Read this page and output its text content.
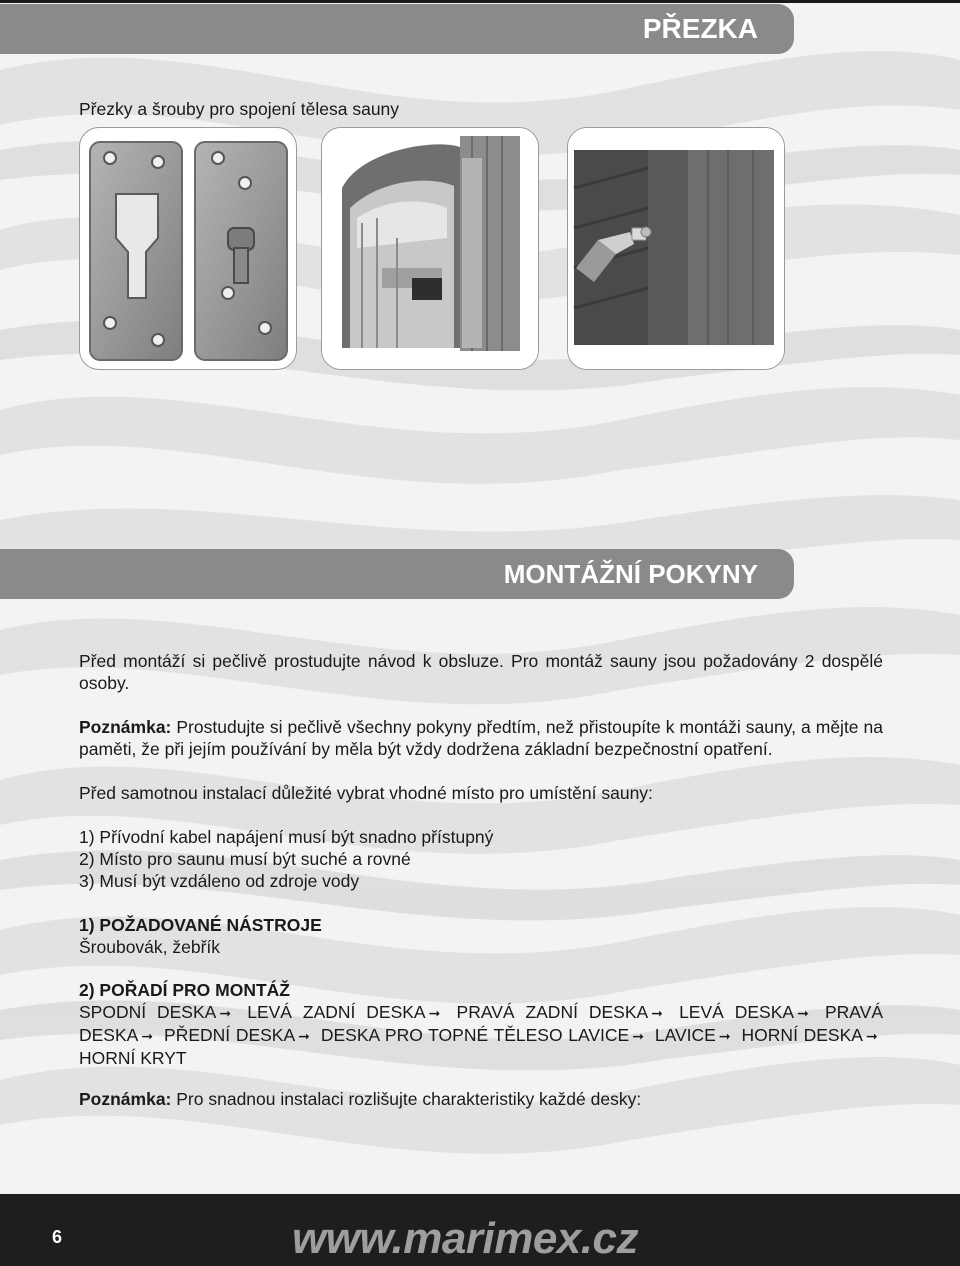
PŘEZKA

Přezky a šrouby pro spojení tělesa sauny

MONTÁŽNÍ POKYNY

Před montáží si pečlivě prostudujte návod k obsluze. Pro montáž sauny jsou požadovány 2 dospělé osoby.

Poznámka: Prostudujte si pečlivě všechny pokyny předtím, než přistoupíte k montáži sauny, a mějte na paměti, že při jejím používání by měla být vždy dodržena základní bezpečnostní opatření.

Před samotnou instalací důležité vybrat vhodné místo pro umístění sauny:

1) Přívodní kabel napájení musí být snadno přístupný

2) Místo pro saunu musí být suché a rovné

3) Musí být vzdáleno od zdroje vody

1) POŽADOVANÉ NÁSTROJE

Šroubovák, žebřík

2) POŘADÍ PRO MONTÁŽ

SPODNÍ DESKA ➞ LEVÁ ZADNÍ DESKA ➞ PRAVÁ ZADNÍ DESKA ➞ LEVÁ DESKA ➞ PRAVÁ DESKA ➞ PŘEDNÍ DESKA ➞ DESKA PRO TOPNÉ TĚLESO LAVICE ➞ LAVICE ➞ HORNÍ DESKA ➞ HORNÍ KRYT

Poznámka: Pro snadnou instalaci rozlišujte charakteristiky každé desky:

6	www.marimex.cz
